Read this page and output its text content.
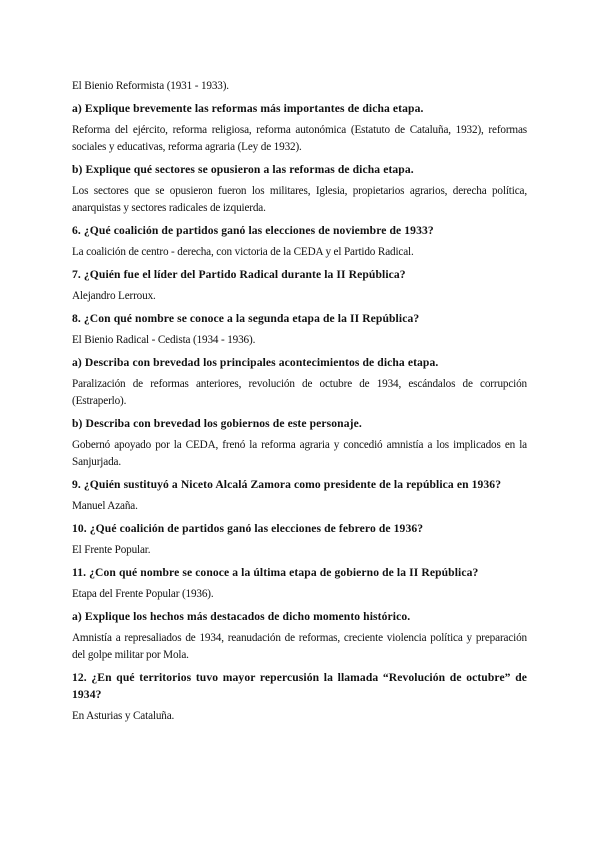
El Bienio Reformista (1931 - 1933).

a) Explique brevemente las reformas más importantes de dicha etapa.

Reforma del ejército, reforma religiosa, reforma autonómica (Estatuto de Cataluña, 1932), reformas sociales y educativas, reforma agraria (Ley de 1932).

b) Explique qué sectores se opusieron a las reformas de dicha etapa.

Los sectores que se opusieron fueron los militares, Iglesia, propietarios agrarios, derecha política, anarquistas y sectores radicales de izquierda.

6. ¿Qué coalición de partidos ganó las elecciones de noviembre de 1933?

La coalición de centro - derecha, con victoria de la CEDA y el Partido Radical.

7. ¿Quién fue el líder del Partido Radical durante la II República?

Alejandro Lerroux.

8. ¿Con qué nombre se conoce a la segunda etapa de la II República?

El Bienio Radical - Cedista (1934 - 1936).

a) Describa con brevedad los principales acontecimientos de dicha etapa.

Paralización de reformas anteriores, revolución de octubre de 1934, escándalos de corrupción (Estraperlo).

b) Describa con brevedad los gobiernos de este personaje.

Gobernó apoyado por la CEDA, frenó la reforma agraria y concedió amnistía a los implicados en la Sanjurjada.

9. ¿Quién sustituyó a Niceto Alcalá Zamora como presidente de la república en 1936?

Manuel Azaña.

10. ¿Qué coalición de partidos ganó las elecciones de febrero de 1936?

El Frente Popular.

11. ¿Con qué nombre se conoce a la última etapa de gobierno de la II República?

Etapa del Frente Popular (1936).

a) Explique los hechos más destacados de dicho momento histórico.

Amnistía a represaliados de 1934, reanudación de reformas, creciente violencia política y preparación del golpe militar por Mola.

12. ¿En qué territorios tuvo mayor repercusión la llamada “Revolución de octubre” de 1934?

En Asturias y Cataluña.
